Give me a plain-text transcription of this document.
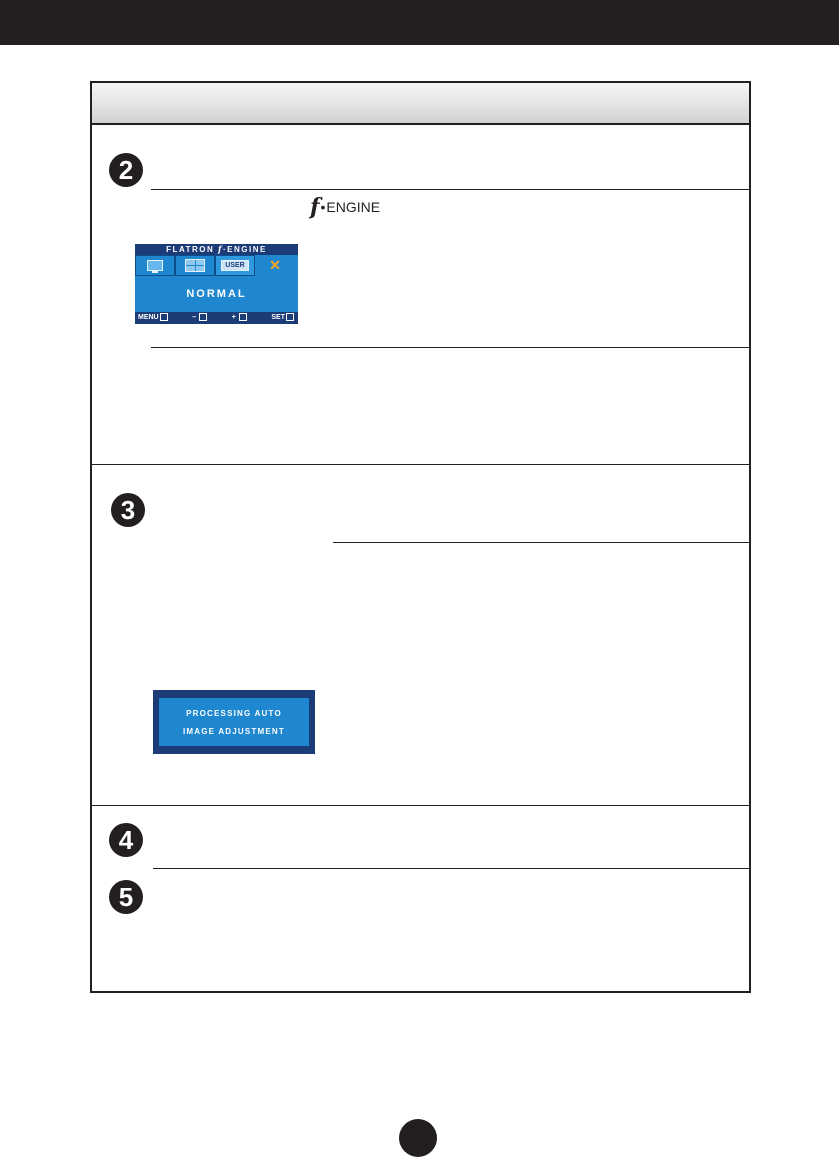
2
f • ENGINE
FLATRON f·ENGINE
USER ✕
NORMAL
MENU	–	+	SET
3
PROCESSING AUTO
IMAGE ADJUSTMENT
4
5
